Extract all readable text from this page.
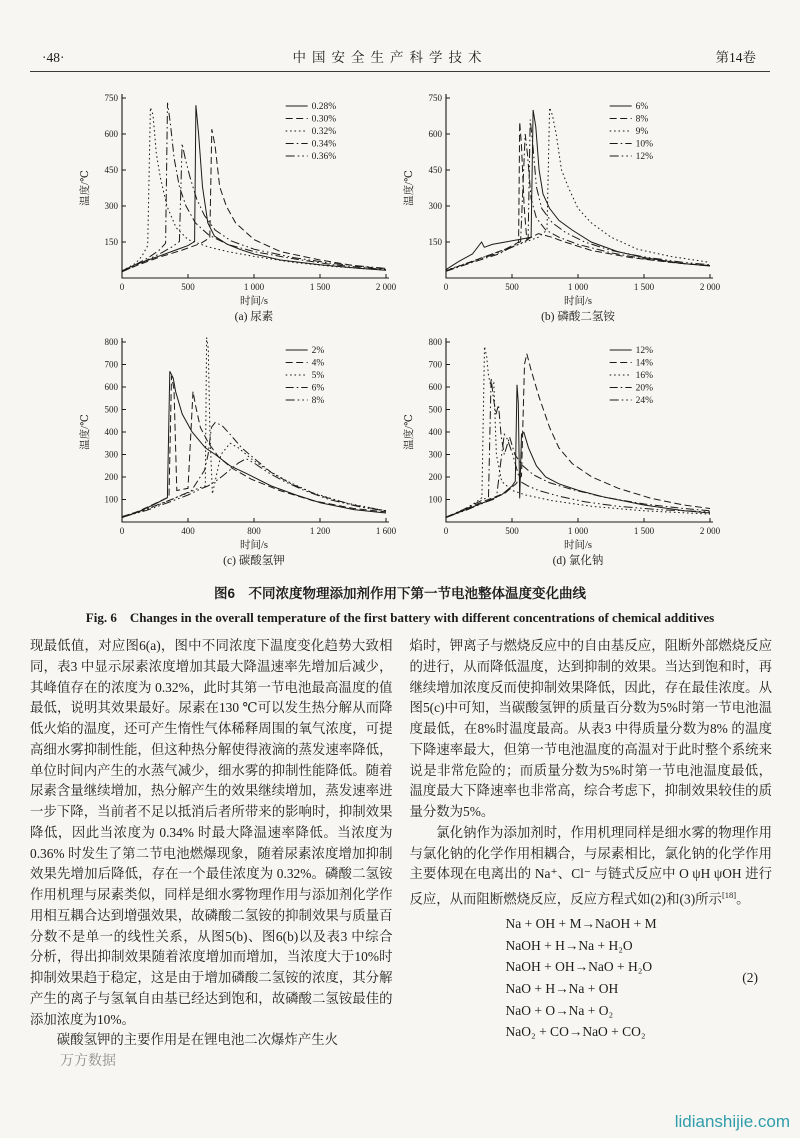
·48·	中国安全生产科学技术	第14卷
150
300
450
600
750
0	500	1 000	1 500	2 000
时间/s
温度/℃
(a) 尿素
0.28%
0.30%
0.32%
0.34%
0.36%
150
300
450
600
750
0	500	1 000	1 500	2 000
时间/s
温度/℃
(b) 磷酸二氢铵
6%
8%
9%
10%
12%
100
200
300
400
500
600
700
800
0	400	800	1 200	1 600
时间/s
温度/℃
(c) 碳酸氢钾
2%
4%
5%
6%
8%
100
200
300
400
500
600
700
800
0	500	1 000	1 500	2 000
时间/s
温度/℃
(d) 氯化钠
12%
14%
16%
20%
24%
图6　不同浓度物理添加剂作用下第一节电池整体温度变化曲线
Fig. 6　Changes in the overall temperature of the first battery with different concentrations of chemical additives

现最低值，对应图6(a)，图中不同浓度下温度变化趋势大致相同，表3 中显示尿素浓度增加其最大降温速率先增加后减少，其峰值存在的浓度为 0.32%，此时其第一节电池最高温度的值最低，说明其效果最好。尿素在130 ℃可以发生热分解从而降低火焰的温度，还可产生惰性气体稀释周围的氧气浓度，可提高细水雾抑制性能，但这种热分解使得液滴的蒸发速率降低，单位时间内产生的水蒸气减少，细水雾的抑制性能降低。随着尿素含量继续增加，热分解产生的效果继续增加，蒸发速率进一步下降，当前者不足以抵消后者所带来的影响时，抑制效果降低，因此当浓度为 0.34% 时最大降温速率降低。当浓度为 0.36% 时发生了第二节电池燃爆现象，随着尿素浓度增加抑制效果先增加后降低，存在一个最佳浓度为 0.32%。磷酸二氢铵作用机理与尿素类似，同样是细水雾物理作用与添加剂化学作用相互耦合达到增强效果，故磷酸二氢铵的抑制效果与质量百分数不是单一的线性关系，从图5(b)、图6(b)以及表3 中综合分析，得出抑制效果随着浓度增加而增加，当浓度大于10%时抑制效果趋于稳定，这是由于增加磷酸二氢铵的浓度，其分解产生的离子与氢氧自由基已经达到饱和，故磷酸二氢铵最佳的添加浓度为10%。

碳酸氢钾的主要作用是在锂电池二次爆炸产生火

万方数据

焰时，钾离子与燃烧反应中的自由基反应，阻断外部燃烧反应的进行，从而降低温度，达到抑制的效果。当达到饱和时，再继续增加浓度反而使抑制效果降低，因此，存在最佳浓度。从图5(c)中可知，当碳酸氢钾的质量百分数为5%时第一节电池温度最低，在8%时温度最高。从表3 中得质量分数为8% 的温度下降速率最大，但第一节电池温度的高温对于此时整个系统来说是非常危险的；而质量分数为5%时第一节电池温度最低，温度最大下降速率也非常高，综合考虑下，抑制效果较佳的质量分数为5%。

氯化钠作为添加剂时，作用机理同样是细水雾的物理作用与氯化钠的化学作用相耦合，与尿素相比，氯化钠的化学作用主要体现在电离出的 Na⁺、Cl⁻ 与链式反应中 O ψH ψOH 进行反应，从而阻断燃烧反应，反应方程式如(2)和(3)所示[18]。

Na + OH + M→NaOH + M
NaOH + H→Na + H₂O
NaOH + OH→NaO + H₂O
NaO + H→Na + OH
NaO + O→Na + O₂
NaO₂ + CO→NaO + CO₂
(2)
lidianshijie.com
